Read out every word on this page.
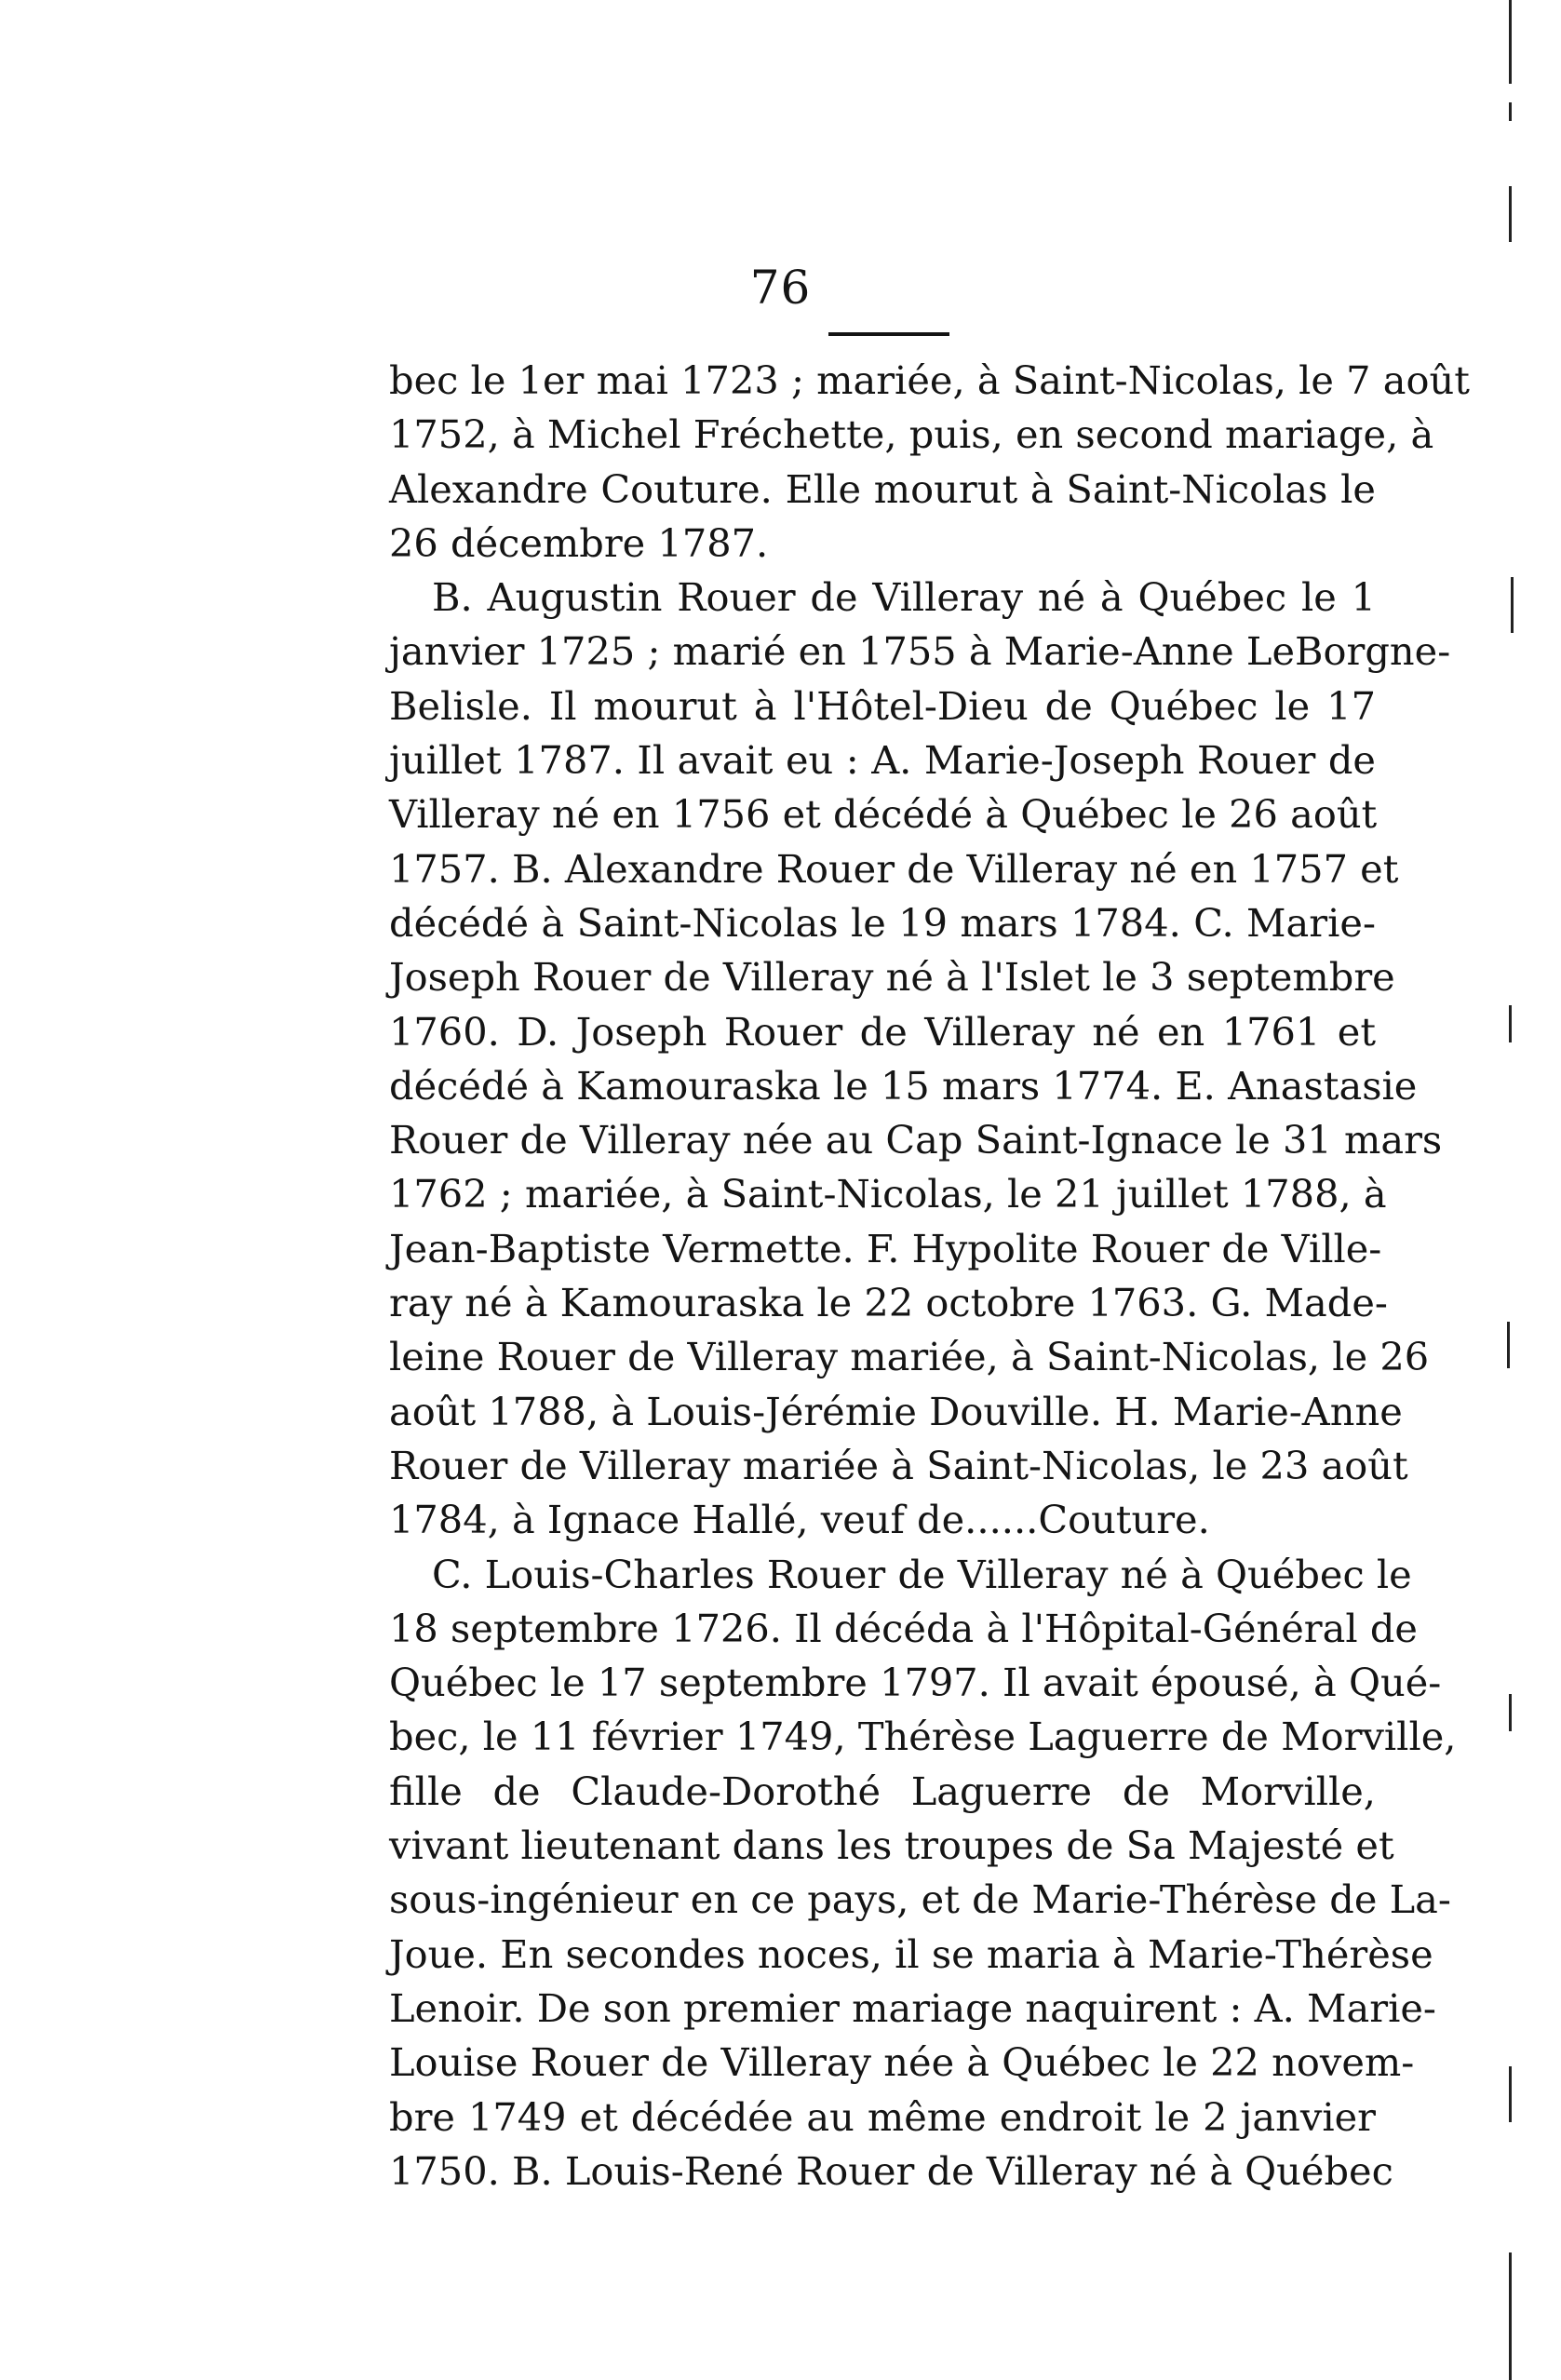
76
bec le 1er mai 1723 ; mariée, à Saint-Nicolas, le 7 août
1752, à Michel Fréchette, puis, en second mariage, à
Alexandre Couture. Elle mourut à Saint-Nicolas le
26 décembre 1787.
B. Augustin Rouer de Villeray né à Québec le 1
janvier 1725 ; marié en 1755 à Marie-Anne LeBorgne-
Belisle. Il mourut à l'Hôtel-Dieu de Québec le 17
juillet 1787. Il avait eu : A. Marie-Joseph Rouer de
Villeray né en 1756 et décédé à Québec le 26 août
1757. B. Alexandre Rouer de Villeray né en 1757 et
décédé à Saint-Nicolas le 19 mars 1784. C. Marie-
Joseph Rouer de Villeray né à l'Islet le 3 septembre
1760. D. Joseph Rouer de Villeray né en 1761 et
décédé à Kamouraska le 15 mars 1774. E. Anastasie
Rouer de Villeray née au Cap Saint-Ignace le 31 mars
1762 ; mariée, à Saint-Nicolas, le 21 juillet 1788, à
Jean-Baptiste Vermette. F. Hypolite Rouer de Ville-
ray né à Kamouraska le 22 octobre 1763. G. Made-
leine Rouer de Villeray mariée, à Saint-Nicolas, le 26
août 1788, à Louis-Jérémie Douville. H. Marie-Anne
Rouer de Villeray mariée à Saint-Nicolas, le 23 août
1784, à Ignace Hallé, veuf de......Couture.
C. Louis-Charles Rouer de Villeray né à Québec le
18 septembre 1726. Il décéda à l'Hôpital-Général de
Québec le 17 septembre 1797. Il avait épousé, à Qué-
bec, le 11 février 1749, Thérèse Laguerre de Morville,
fille de Claude-Dorothé Laguerre de Morville,
vivant lieutenant dans les troupes de Sa Majesté et
sous-ingénieur en ce pays, et de Marie-Thérèse de La-
Joue. En secondes noces, il se maria à Marie-Thérèse
Lenoir. De son premier mariage naquirent : A. Marie-
Louise Rouer de Villeray née à Québec le 22 novem-
bre 1749 et décédée au même endroit le 2 janvier
1750. B. Louis-René Rouer de Villeray né à Québec
